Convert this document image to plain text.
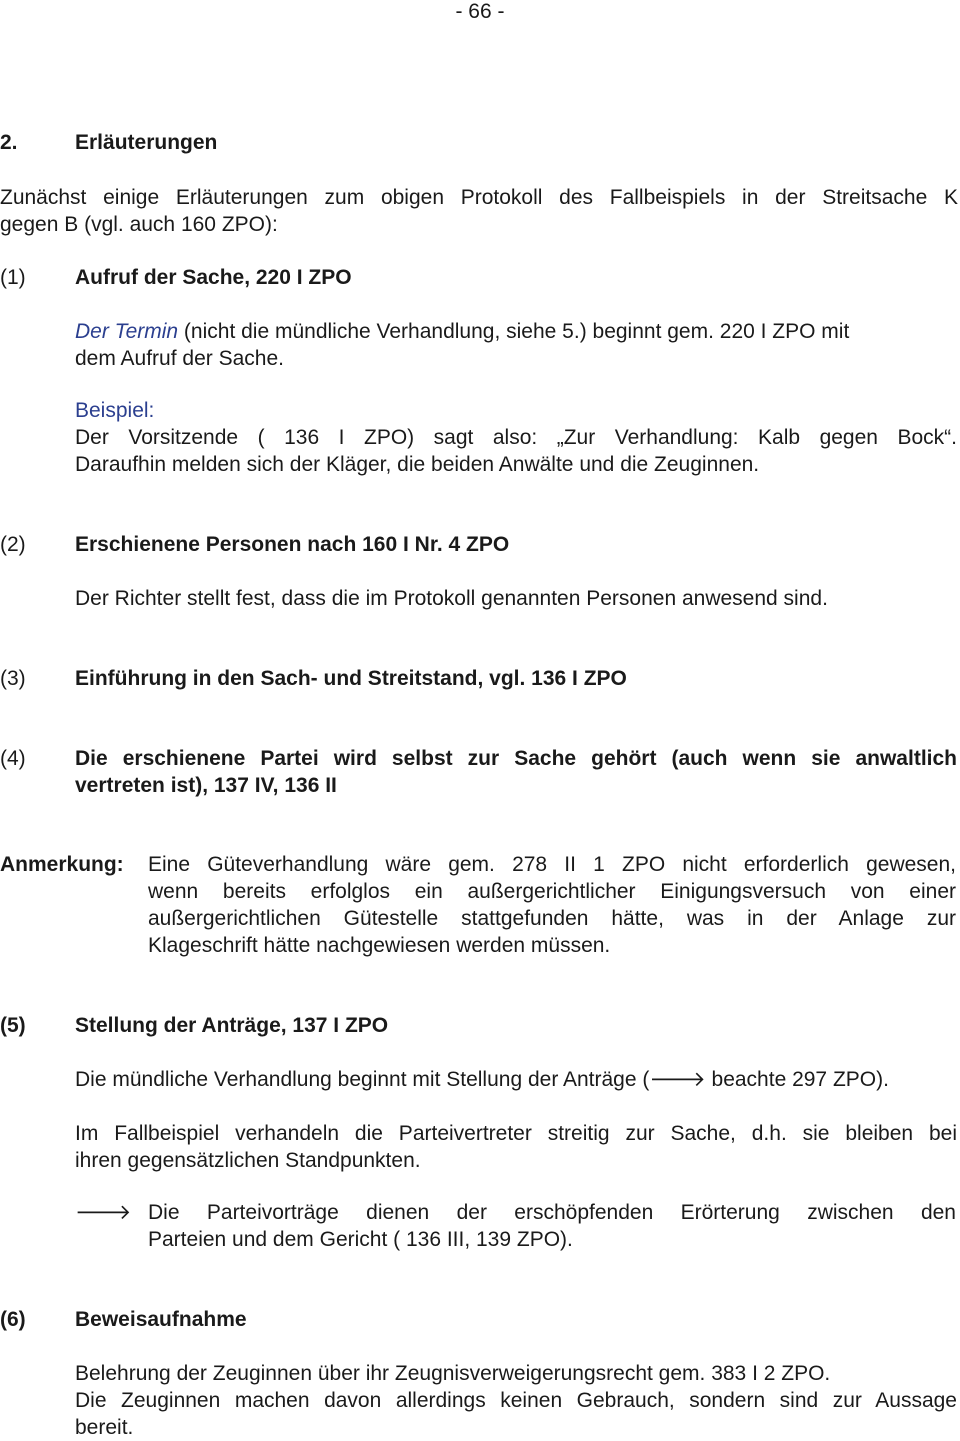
- 66 -
2.	Erläuterungen
Zunächst einige Erläuterungen zum obigen Protokoll des Fallbeispiels in der Streitsache K
gegen B (vgl. auch 160 ZPO):
(1) Aufruf der Sache, 220 I ZPO
Der Termin (nicht die mündliche Verhandlung, siehe 5.) beginnt gem. 220 I ZPO mit
dem Aufruf der Sache.
Beispiel:
Der Vorsitzende ( 136 I ZPO) sagt also: „Zur Verhandlung: Kalb gegen Bock“.
Daraufhin melden sich der Kläger, die beiden Anwälte und die Zeuginnen.
(2) Erschienene Personen nach 160 I Nr. 4 ZPO
Der Richter stellt fest, dass die im Protokoll genannten Personen anwesend sind.
(3) Einführung in den Sach- und Streitstand, vgl. 136 I ZPO
(4) Die erschienene Partei wird selbst zur Sache gehört (auch wenn sie anwaltlich
vertreten ist), 137 IV, 136 II
Anmerkung: Eine Güteverhandlung wäre gem. 278 II 1 ZPO nicht erforderlich gewesen,
wenn bereits erfolglos ein außergerichtlicher Einigungsversuch von einer
außergerichtlichen Gütestelle stattgefunden hätte, was in der Anlage zur
Klageschrift hätte nachgewiesen werden müssen.
(5) Stellung der Anträge, 137 I ZPO
Die mündliche Verhandlung beginnt mit Stellung der Anträge (🡒 beachte 297 ZPO).
Im Fallbeispiel verhandeln die Parteivertreter streitig zur Sache, d.h. sie bleiben bei
ihren gegensätzlichen Standpunkten.
🡒 Die Parteivorträge dienen der erschöpfenden Erörterung zwischen den
Parteien und dem Gericht ( 136 III, 139 ZPO).
(6) Beweisaufnahme
Belehrung der Zeuginnen über ihr Zeugnisverweigerungsrecht gem. 383 I 2 ZPO.
Die Zeuginnen machen davon allerdings keinen Gebrauch, sondern sind zur Aussage
bereit.
